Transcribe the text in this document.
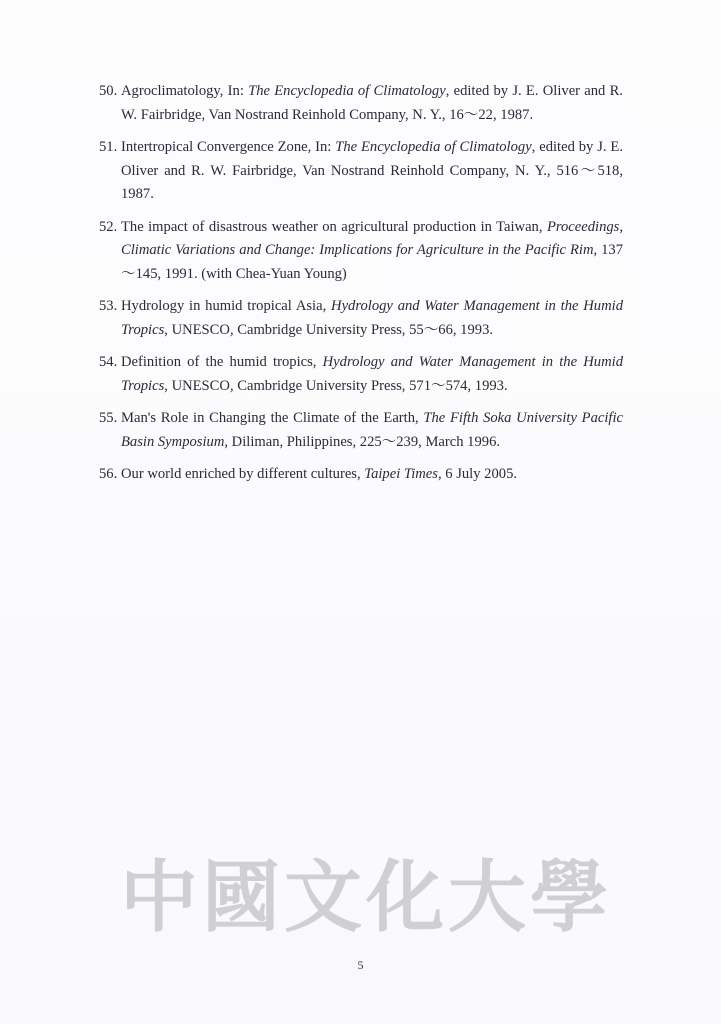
50. Agroclimatology, In: The Encyclopedia of Climatology, edited by J. E. Oliver and R. W. Fairbridge, Van Nostrand Reinhold Company, N. Y., 16～22, 1987.
51. Intertropical Convergence Zone, In: The Encyclopedia of Climatology, edited by J. E. Oliver and R. W. Fairbridge, Van Nostrand Reinhold Company, N. Y., 516～518, 1987.
52. The impact of disastrous weather on agricultural production in Taiwan, Proceedings, Climatic Variations and Change: Implications for Agriculture in the Pacific Rim, 137～145, 1991. (with Chea-Yuan Young)
53. Hydrology in humid tropical Asia, Hydrology and Water Management in the Humid Tropics, UNESCO, Cambridge University Press, 55～66, 1993.
54. Definition of the humid tropics, Hydrology and Water Management in the Humid Tropics, UNESCO, Cambridge University Press, 571～574, 1993.
55. Man's Role in Changing the Climate of the Earth, The Fifth Soka University Pacific Basin Symposium, Diliman, Philippines, 225～239, March 1996.
56. Our world enriched by different cultures, Taipei Times, 6 July 2005.
中國文化大學
5
